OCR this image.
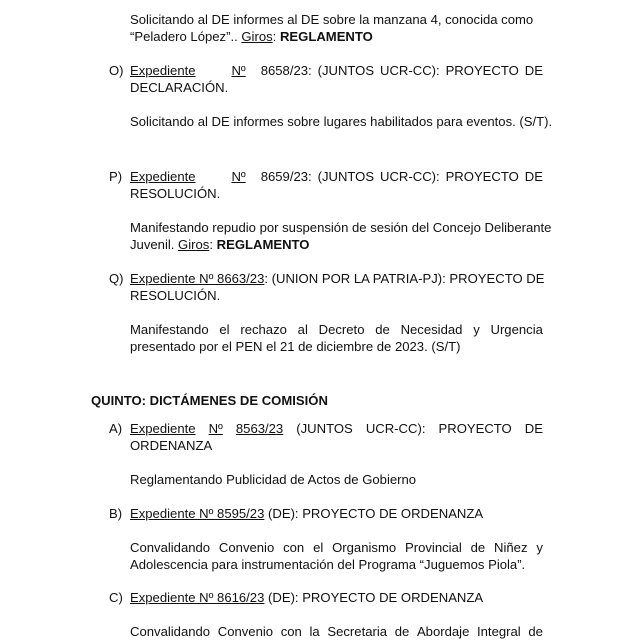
Solicitando al DE informes al DE sobre la manzana 4, conocida como
“Peladero López”.. Giros: REGLAMENTO
O) Expediente	Nº 8658/23: (JUNTOS UCR-CC): PROYECTO DE
DECLARACIÓN.
Solicitando al DE informes sobre lugares habilitados para eventos. (S/T).
P) Expediente	Nº 8659/23: (JUNTOS UCR-CC): PROYECTO DE
RESOLUCIÓN.
Manifestando repudio por suspensión de sesión del Concejo Deliberante
Juvenil. Giros: REGLAMENTO
Q) Expediente Nº 8663/23: (UNION POR LA PATRIA-PJ): PROYECTO DE
RESOLUCIÓN.
Manifestando el rechazo al Decreto de Necesidad y Urgencia
presentado por el PEN el 21 de diciembre de 2023. (S/T)
QUINTO: DICTÁMENES DE COMISIÓN
A) Expediente Nº 8563/23 (JUNTOS UCR-CC): PROYECTO DE
ORDENANZA
Reglamentando Publicidad de Actos de Gobierno
B) Expediente Nº 8595/23 (DE): PROYECTO DE ORDENANZA
Convalidando Convenio con el Organismo Provincial de Niñez y
Adolescencia para instrumentación del Programa “Juguemos Piola”.
C) Expediente Nº 8616/23 (DE): PROYECTO DE ORDENANZA
Convalidando Convenio con la Secretaria de Abordaje Integral de
